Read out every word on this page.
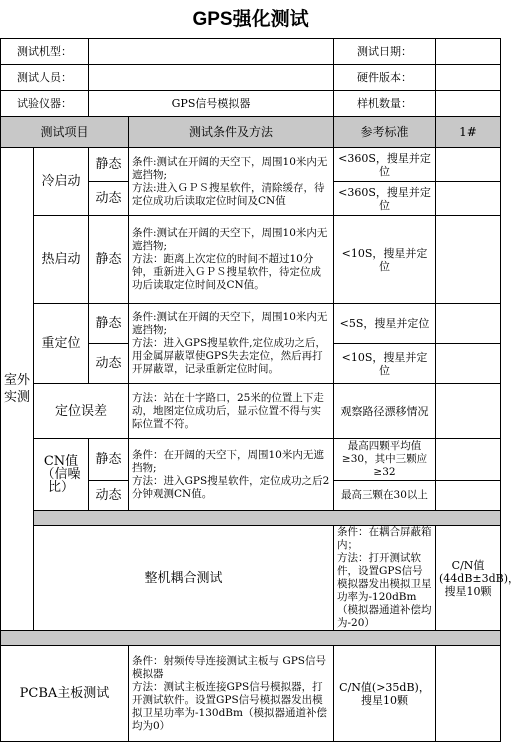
GPS强化测试						
测试机型：				测试日期：		
测试人员：				硬件版本：		
试验仪器：		GPS信号模拟器		样机数量：		
测试项目			测试条件及方法	参考标准	1#	
室外
实测	冷启动	静态	条件:测试在开阔的天空下，周围10米内无遮挡物;
方法:进入ＧＰＳ搜星软件，清除缓存，待定位成功后读取定位时间及CN值	<360S，搜星并定位		
		动态		<360S，搜星并定位		
	热启动	静态	条件:测试在开阔的天空下，周围10米内无遮挡物;
方法：距离上次定位的时间不超过10分钟，重新进入ＧＰＳ搜星软件，待定位成功后读取定位时间及CN值。	<10S，搜星并定位		
	重定位	静态	条件:测试在开阔的天空下，周围10米内无遮挡物;
方法：进入GPS搜星软件,定位成功之后，用金属屏蔽罩使GPS失去定位，然后再打开屏蔽罩，记录重新定位时间。	<5S，搜星并定位		
		动态		<10S，搜星并定位		
	定位误差		方法：站在十字路口，25米的位置上下走动，地图定位成功后，显示位置不得与实际位置不符。	观察路径漂移情况		
	CN值
（信噪
比）	静态	条件：在开阔的天空下，周围10米内无遮挡物;
方法：进入GPS搜星软件，定位成功之后2分钟观测CN值。	最高四颗平均值≥30，其中三颗应≥32		
		动态		最高三颗在30以上		

	整机耦合测试			条件：在耦合屏蔽箱内；
方法：打开测试软件，设置GPS信号模拟器发出模拟卫星功率为-120dBm（模拟器通道补偿均为-20）	C/N值(44dB±3dB)，搜星10颗	

PCBA主板测试			条件：射频传导连接测试主板与 GPS信号模拟器
方法：测试主板连接GPS信号模拟器，打开测试软件。设置GPS信号模拟器发出模拟卫星功率为-130dBm（模拟器通道补偿均为0）	C/N值(>35dB)，搜星10颗		
